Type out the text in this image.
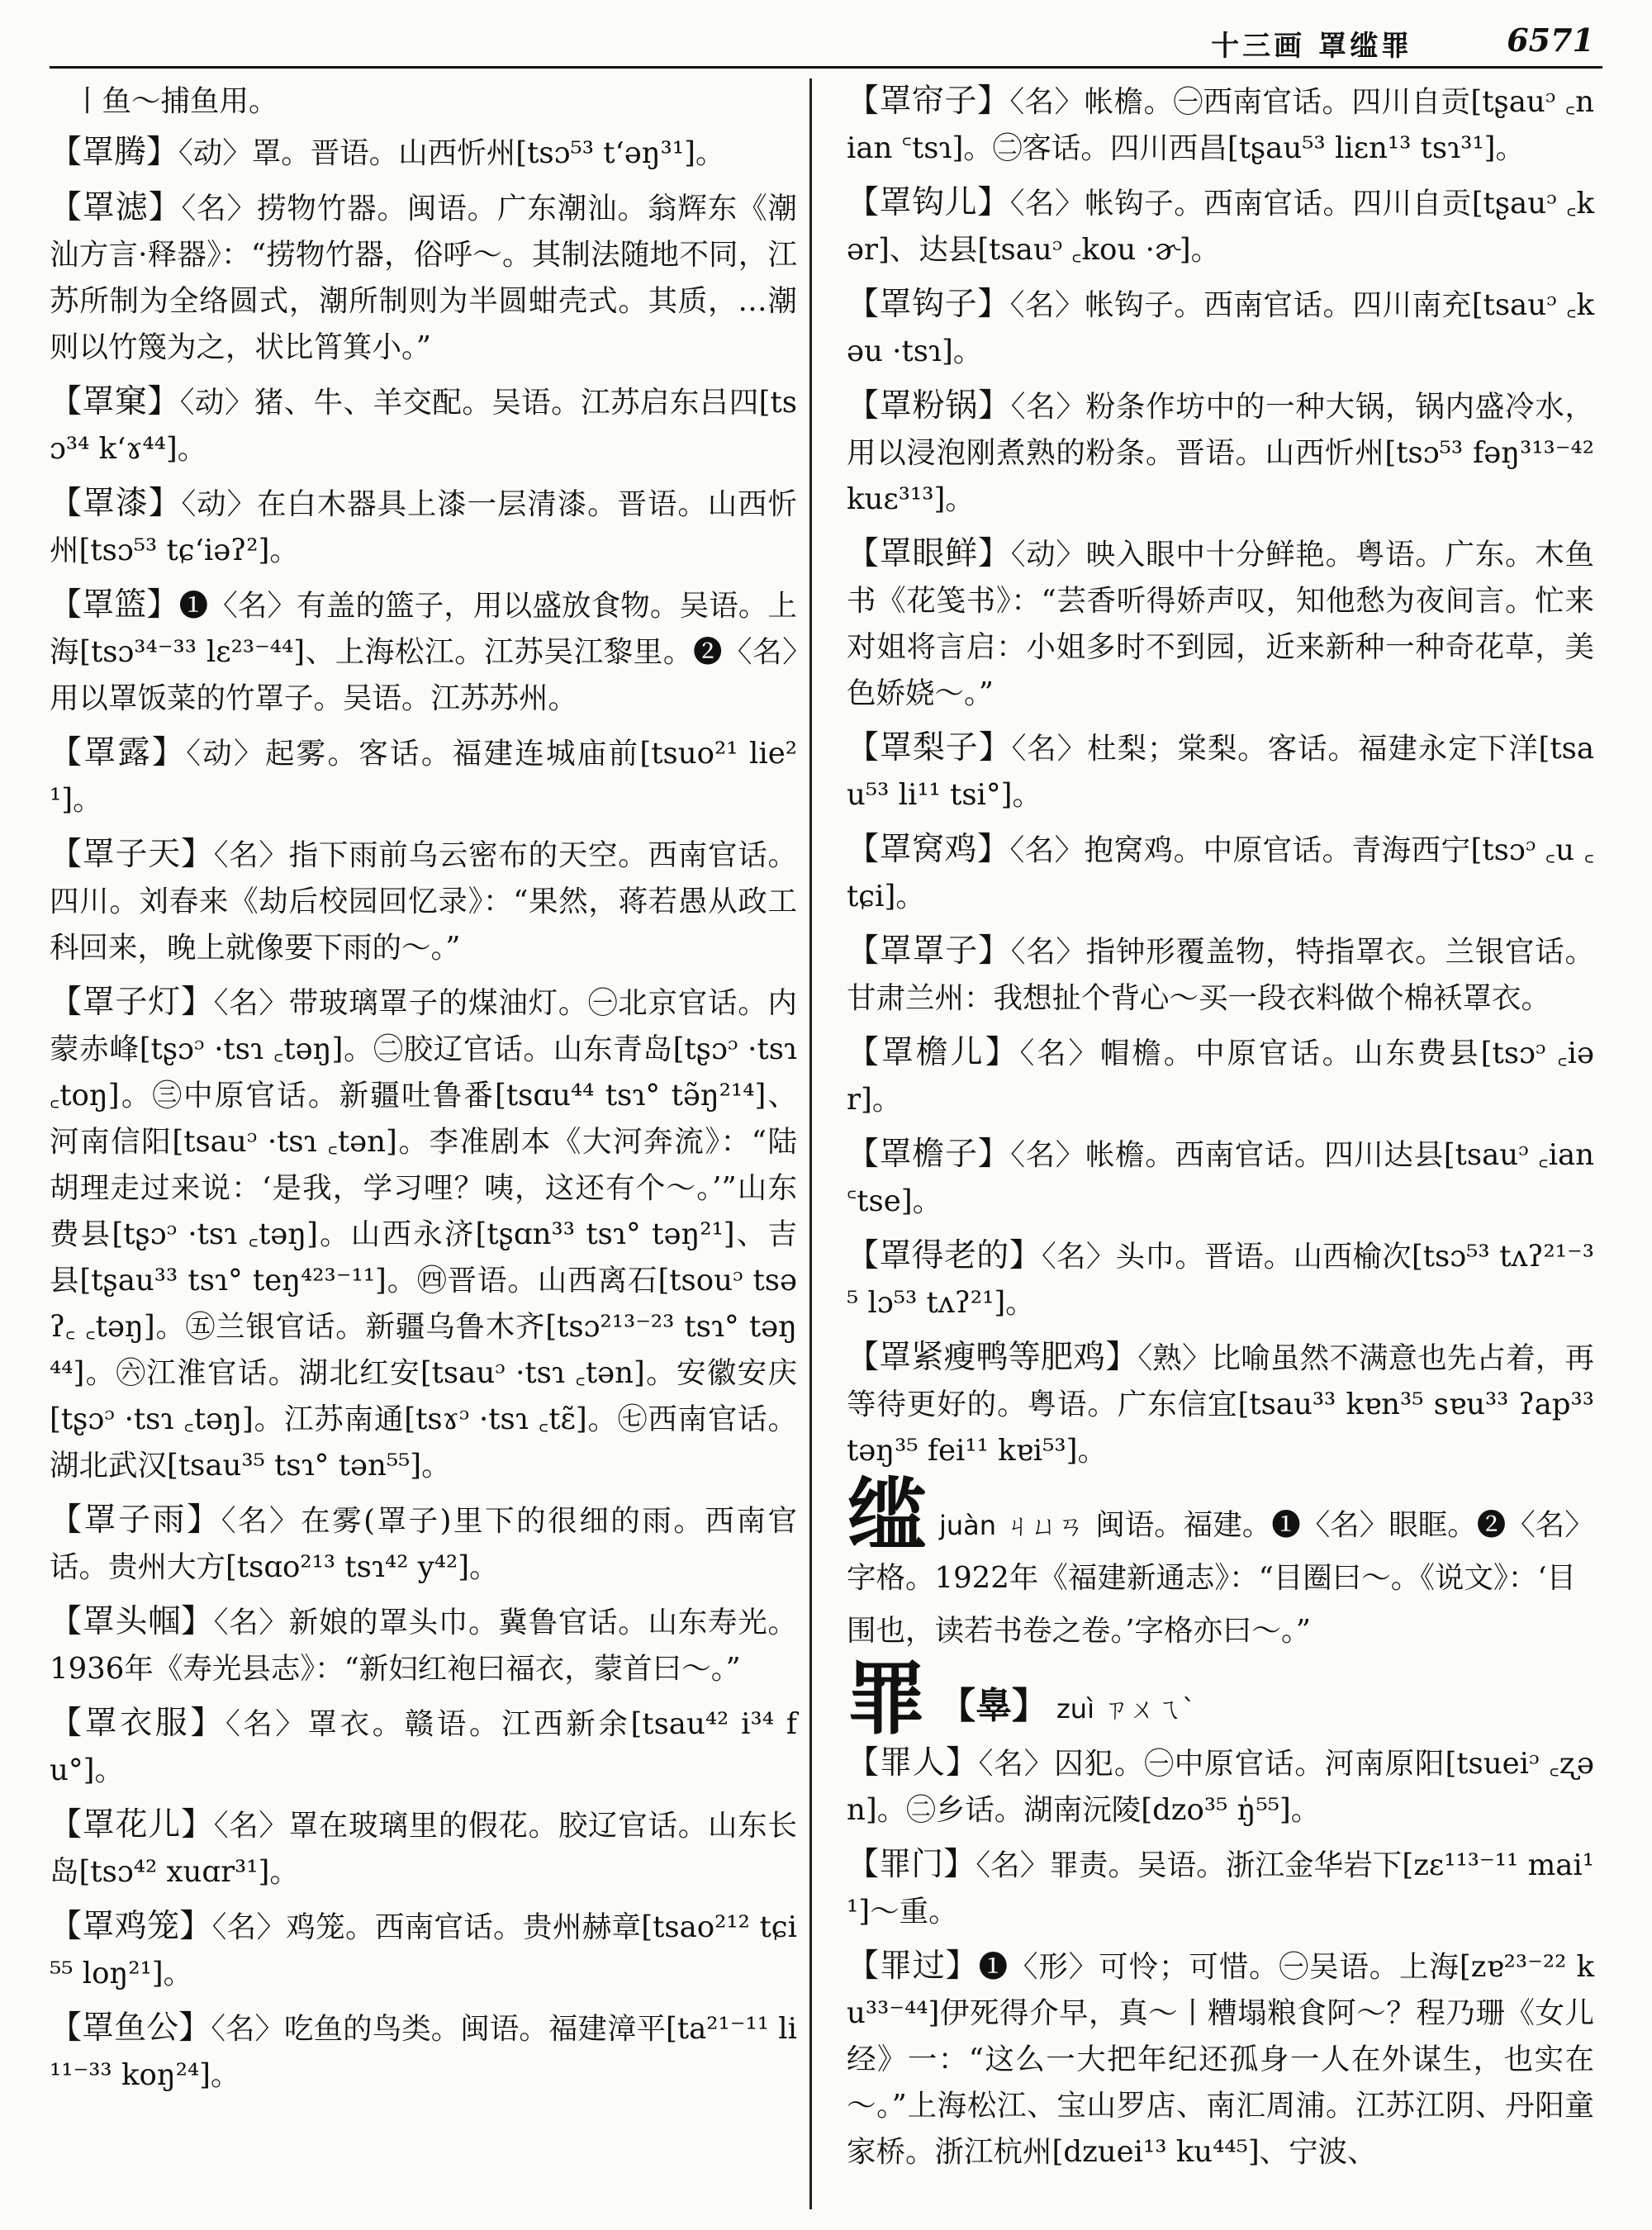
十三画 罩䍀罪	6571

丨鱼～捕鱼用。

【罩腾】〈动〉罩。晋语。山西忻州[tsɔ⁵³ tʻəŋ³¹]。

【罩滤】〈名〉捞物竹器。闽语。广东潮汕。翁辉东《潮汕方言·释器》：“捞物竹器，俗呼～。其制法随地不同，江苏所制为全络圆式，潮所制则为半圆蚶壳式。其质，…潮则以竹篾为之，状比筲箕小。”

【罩窠】〈动〉猪、牛、羊交配。吴语。江苏启东吕四[tsɔ³⁴ kʻɤ⁴⁴]。

【罩漆】〈动〉在白木器具上漆一层清漆。晋语。山西忻州[tsɔ⁵³ tɕʻiəʔ²]。

【罩篮】❶〈名〉有盖的篮子，用以盛放食物。吴语。上海[tsɔ³⁴⁻³³ lɛ²³⁻⁴⁴]、上海松江。江苏吴江黎里。❷〈名〉用以罩饭菜的竹罩子。吴语。江苏苏州。

【罩露】〈动〉起雾。客话。福建连城庙前[tsuo²¹ lie²¹]。

【罩子天】〈名〉指下雨前乌云密布的天空。西南官话。四川。刘春来《劫后校园回忆录》：“果然，蒋若愚从政工科回来，晚上就像要下雨的～。”

【罩子灯】〈名〉带玻璃罩子的煤油灯。㊀北京官话。内蒙赤峰[tʂɔᵓ ·tsɿ ꜀təŋ]。㊁胶辽官话。山东青岛[tʂɔᵓ ·tsɿ ꜀toŋ]。㊂中原官话。新疆吐鲁番[tsɑu⁴⁴ tsɿ° tə̃ŋ²¹⁴]、河南信阳[tsauᵓ ·tsɿ ꜀tən]。李准剧本《大河奔流》：“陆胡理走过来说：‘是我，学习哩？咦，这还有个～。’”山东费县[tʂɔᵓ ·tsɿ ꜀təŋ]。山西永济[tʂɑn³³ tsɿ° təŋ²¹]、吉县[tʂau³³ tsɿ° teŋ⁴²³⁻¹¹]。㊃晋语。山西离石[tsouᵓ tsəʔ꜀ ꜀təŋ]。㊄兰银官话。新疆乌鲁木齐[tsɔ²¹³⁻²³ tsɿ° təŋ⁴⁴]。㊅江淮官话。湖北红安[tsauᵓ ·tsɿ ꜀tən]。安徽安庆[tʂɔᵓ ·tsɿ ꜀təŋ]。江苏南通[tsɤᵓ ·tsɿ ꜀tɛ̃]。㊆西南官话。湖北武汉[tsau³⁵ tsɿ° tən⁵⁵]。

【罩子雨】〈名〉在雾(罩子)里下的很细的雨。西南官话。贵州大方[tsɑo²¹³ tsɿ⁴² y⁴²]。

【罩头帼】〈名〉新娘的罩头巾。冀鲁官话。山东寿光。1936年《寿光县志》：“新妇红袍曰福衣，蒙首曰～。”

【罩衣服】〈名〉罩衣。赣语。江西新余[tsau⁴² i³⁴ fu°]。

【罩花儿】〈名〉罩在玻璃里的假花。胶辽官话。山东长岛[tsɔ⁴² xuɑr³¹]。

【罩鸡笼】〈名〉鸡笼。西南官话。贵州赫章[tsao²¹² tɕi⁵⁵ loŋ²¹]。

【罩鱼公】〈名〉吃鱼的鸟类。闽语。福建漳平[ta²¹⁻¹¹ li¹¹⁻³³ koŋ²⁴]。

【罩帘子】〈名〉帐檐。㊀西南官话。四川自贡[tʂauᵓ ꜀nian ꜂tsɿ]。㊁客话。四川西昌[tʂau⁵³ liɛn¹³ tsɿ³¹]。

【罩钩儿】〈名〉帐钩子。西南官话。四川自贡[tʂauᵓ ꜀kər]、达县[tsauᵓ ꜀kou ·ɚ]。

【罩钩子】〈名〉帐钩子。西南官话。四川南充[tsauᵓ ꜀kəu ·tsɿ]。

【罩粉锅】〈名〉粉条作坊中的一种大锅，锅内盛冷水，用以浸泡刚煮熟的粉条。晋语。山西忻州[tsɔ⁵³ fəŋ³¹³⁻⁴² kuɛ³¹³]。

【罩眼鲜】〈动〉映入眼中十分鲜艳。粤语。广东。木鱼书《花笺书》：“芸香听得娇声叹，知他愁为夜间言。忙来对姐将言启：小姐多时不到园，近来新种一种奇花草，美色娇娆～。”

【罩梨子】〈名〉杜梨；棠梨。客话。福建永定下洋[tsau⁵³ li¹¹ tsi°]。

【罩窝鸡】〈名〉抱窝鸡。中原官话。青海西宁[tsɔᵓ ꜀u ꜀tɕi]。

【罩罩子】〈名〉指钟形覆盖物，特指罩衣。兰银官话。甘肃兰州：我想扯个背心～买一段衣料做个棉袄罩衣。

【罩檐儿】〈名〉帽檐。中原官话。山东费县[tsɔᵓ ꜀iər]。

【罩檐子】〈名〉帐檐。西南官话。四川达县[tsauᵓ ꜀ian ꜂tse]。

【罩得老的】〈名〉头巾。晋语。山西榆次[tsɔ⁵³ tʌʔ²¹⁻³⁵ lɔ⁵³ tʌʔ²¹]。

【罩紧瘦鸭等肥鸡】〈熟〉比喻虽然不满意也先占着，再等待更好的。粤语。广东信宜[tsau³³ kɐn³⁵ sɐu³³ ʔap³³ təŋ³⁵ fei¹¹ kɐi⁵³]。

䍀juàn ㄐㄩㄢ 闽语。福建。❶〈名〉眼眶。❷〈名〉字格。1922年《福建新通志》：“目圈曰～。《说文》：‘目围也，读若书卷之卷。’字格亦曰～。”

罪 【辠】 zuì ㄗㄨㄟˋ

【罪人】〈名〉囚犯。㊀中原官话。河南原阳[tsueiᵓ ꜀ʐən]。㊁乡话。湖南沅陵[dzo³⁵ ŋ̍⁵⁵]。

【罪门】〈名〉罪责。吴语。浙江金华岩下[zɛ¹¹³⁻¹¹ mai¹¹]～重。

【罪过】❶〈形〉可怜；可惜。㊀吴语。上海[zɐ²³⁻²² ku³³⁻⁴⁴]伊死得介早，真～丨糟塌粮食阿～？程乃珊《女儿经》一：“这么一大把年纪还孤身一人在外谋生，也实在～。”上海松江、宝山罗店、南汇周浦。江苏江阴、丹阳童家桥。浙江杭州[dzuei¹³ ku⁴⁴⁵]、宁波、
